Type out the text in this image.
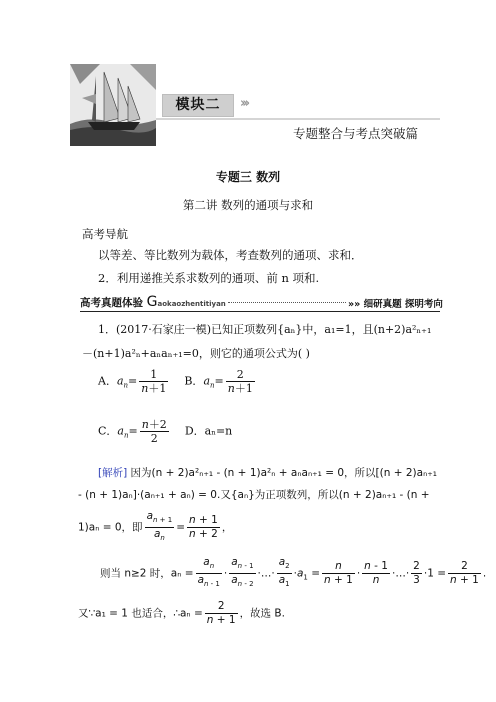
模块二	›››
专题整合与考点突破篇
专题三 数列
第二讲 数列的通项与求和
高考导航
以等差、等比数列为载体，考查数列的通项、求和．
2．利用递推关系求数列的通项、前 n 项和.
高考真题体验 Gaokaozhentitiyan	»» 细研真题 探明考向
1．(2017·石家庄一模)已知正项数列{aₙ}中，a₁=1，且(n+2)a²ₙ₊₁
－(n+1)a²ₙ+aₙaₙ₊₁=0，则它的通项公式为( )
A．$a_n= \frac{1}{n+1}$ B．$a_n= \frac{2}{n+1}$
C．$a_n= \frac{n+2}{2}$ D．aₙ=n
[解析] 因为(n + 2)a²ₙ₊₁ - (n + 1)a²ₙ + aₙaₙ₊₁ = 0，所以[(n + 2)aₙ₊₁
- (n + 1)aₙ]·(aₙ₊₁ + aₙ) = 0.又{aₙ}为正项数列，所以(n + 2)aₙ₊₁ - (n +
1)aₙ = 0，即 $\frac{a_{n + 1}}{a_n} = \frac{n + 1}{n + 2}$ ，
则当 n≥2 时，$a_n = \frac{a_n}{a_{n - 1}} \cdot \frac{a_{n - 1}}{a_{n - 2}}$ ·…· $\frac{a_2}{a_1} \cdot a_1 = \frac{n}{n + 1} \cdot \frac{n - 1}{n}$ ·…· $\frac{2}{3} \cdot 1 = \frac{2}{n + 1}$ .
又∵a₁ = 1 也适合，∴aₙ = $\frac{2}{n + 1}$ ，故选 B.
